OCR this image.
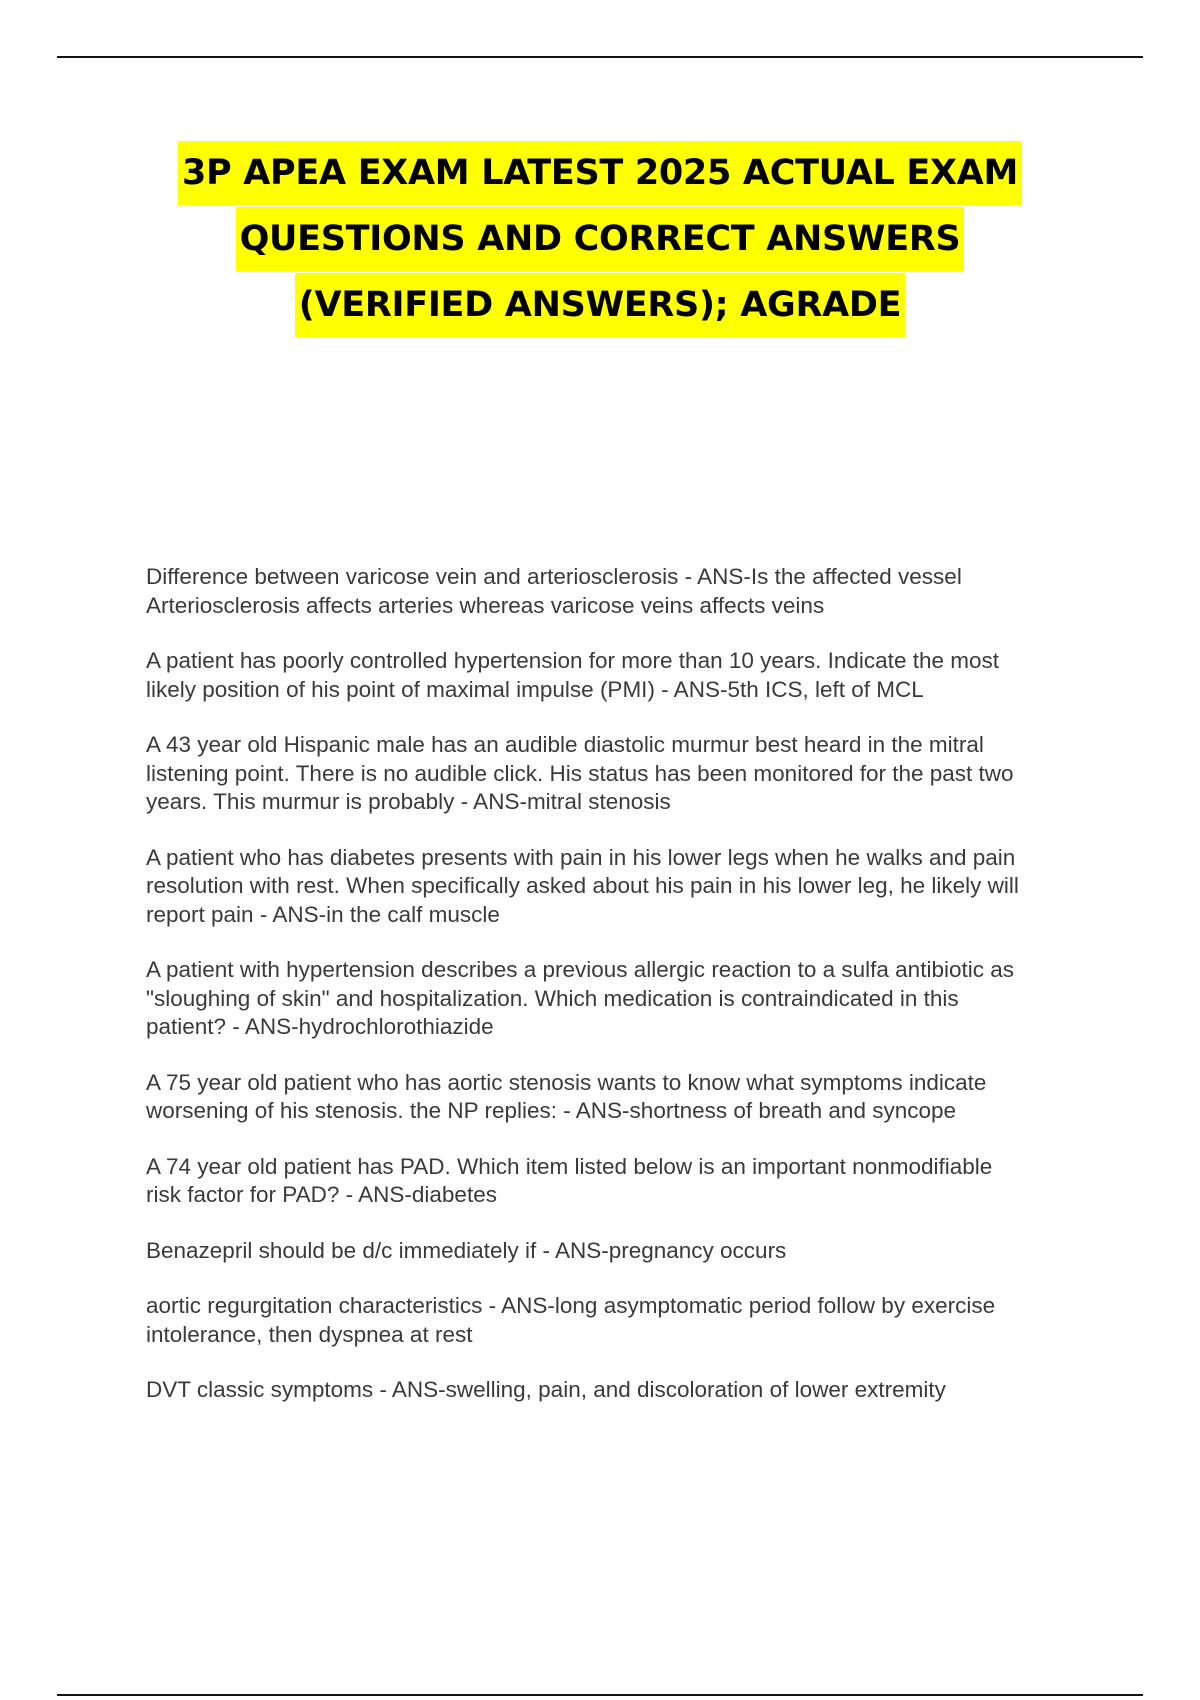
3P APEA EXAM LATEST 2025 ACTUAL EXAM
QUESTIONS AND CORRECT ANSWERS
(VERIFIED ANSWERS); AGRADE
Difference between varicose vein and arteriosclerosis - ANS-Is the affected vessel
Arteriosclerosis affects arteries whereas varicose veins affects veins
A patient has poorly controlled hypertension for more than 10 years. Indicate the most
likely position of his point of maximal impulse (PMI) - ANS-5th ICS, left of MCL
A 43 year old Hispanic male has an audible diastolic murmur best heard in the mitral
listening point. There is no audible click. His status has been monitored for the past two
years. This murmur is probably - ANS-mitral stenosis
A patient who has diabetes presents with pain in his lower legs when he walks and pain
resolution with rest. When specifically asked about his pain in his lower leg, he likely will
report pain - ANS-in the calf muscle
A patient with hypertension describes a previous allergic reaction to a sulfa antibiotic as
"sloughing of skin" and hospitalization. Which medication is contraindicated in this
patient? - ANS-hydrochlorothiazide
A 75 year old patient who has aortic stenosis wants to know what symptoms indicate
worsening of his stenosis. the NP replies: - ANS-shortness of breath and syncope
A 74 year old patient has PAD. Which item listed below is an important nonmodifiable
risk factor for PAD? - ANS-diabetes
Benazepril should be d/c immediately if - ANS-pregnancy occurs
aortic regurgitation characteristics - ANS-long asymptomatic period follow by exercise
intolerance, then dyspnea at rest
DVT classic symptoms - ANS-swelling, pain, and discoloration of lower extremity
